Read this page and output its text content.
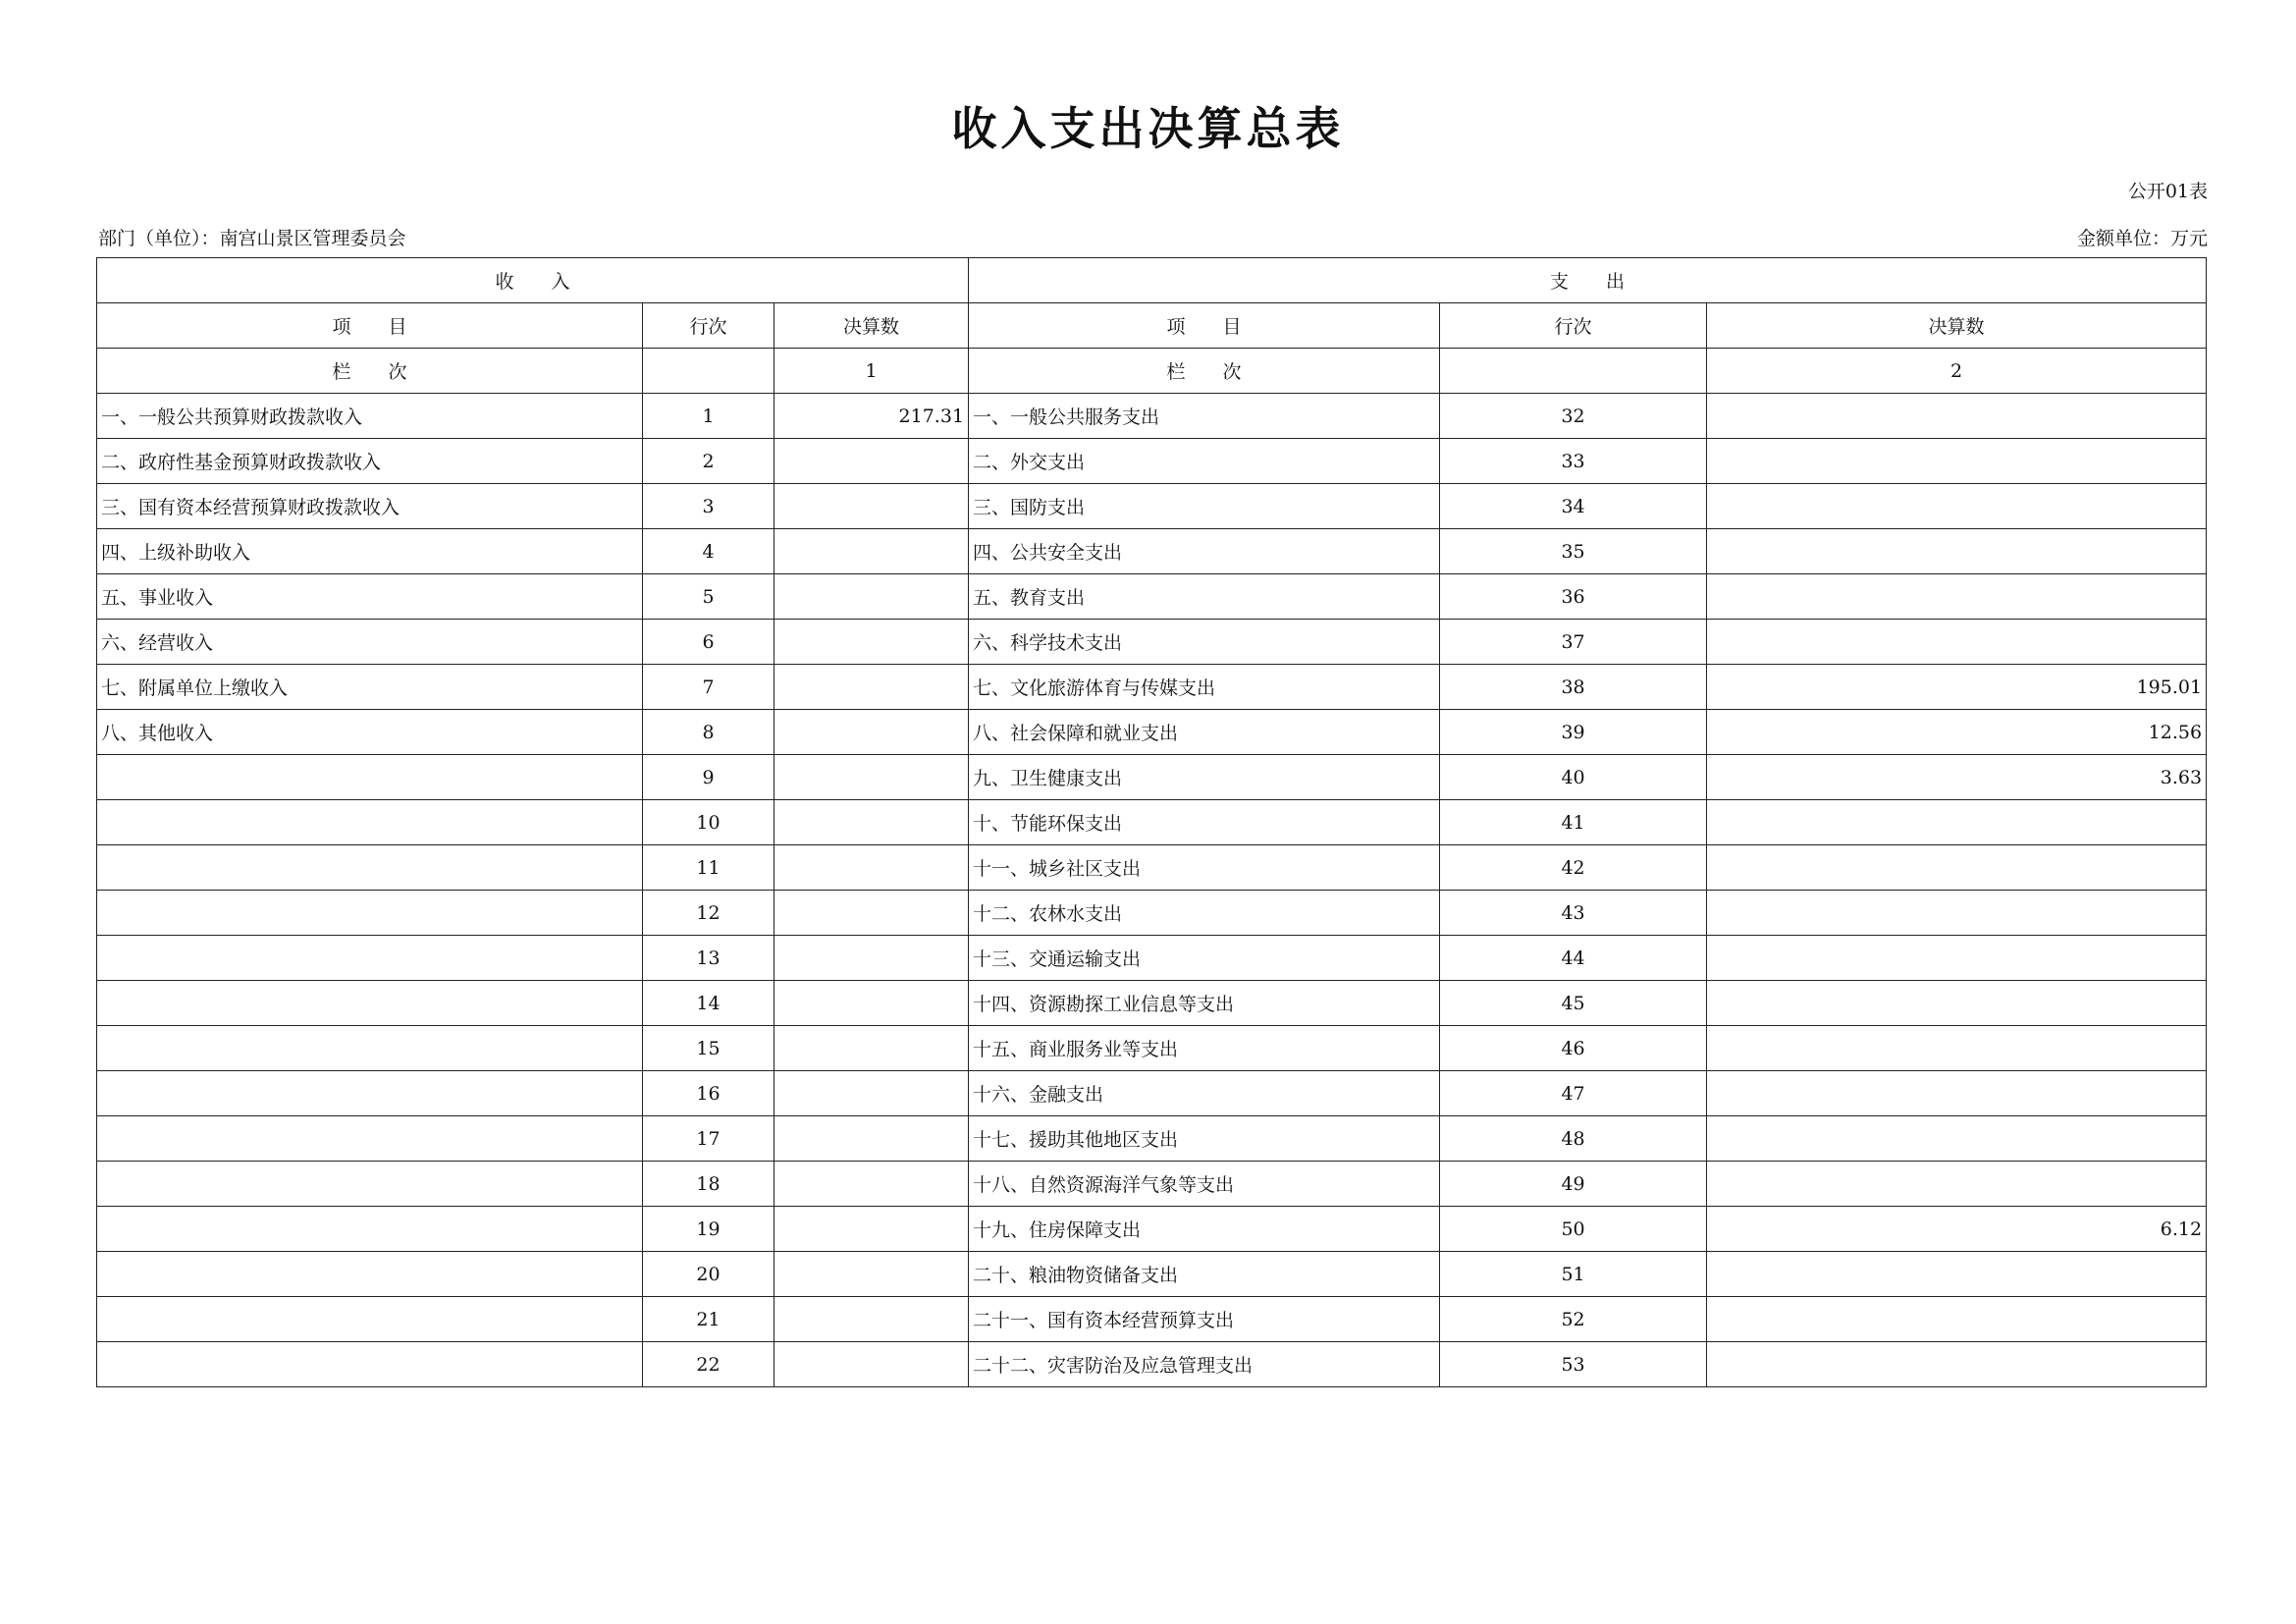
收入支出决算总表
公开01表
部门（单位）：南宫山景区管理委员会	金额单位：万元
收　　入			支　　出		
项　　目	行次	决算数	项　　目	行次	决算数
栏　　次		1	栏　　次		2
一、一般公共预算财政拨款收入	1	217.31	一、一般公共服务支出	32	
二、政府性基金预算财政拨款收入	2		二、外交支出	33	
三、国有资本经营预算财政拨款收入	3		三、国防支出	34	
四、上级补助收入	4		四、公共安全支出	35	
五、事业收入	5		五、教育支出	36	
六、经营收入	6		六、科学技术支出	37	
七、附属单位上缴收入	7		七、文化旅游体育与传媒支出	38	195.01
八、其他收入	8		八、社会保障和就业支出	39	12.56
	9		九、卫生健康支出	40	3.63
	10		十、节能环保支出	41	
	11		十一、城乡社区支出	42	
	12		十二、农林水支出	43	
	13		十三、交通运输支出	44	
	14		十四、资源勘探工业信息等支出	45	
	15		十五、商业服务业等支出	46	
	16		十六、金融支出	47	
	17		十七、援助其他地区支出	48	
	18		十八、自然资源海洋气象等支出	49	
	19		十九、住房保障支出	50	6.12
	20		二十、粮油物资储备支出	51	
	21		二十一、国有资本经营预算支出	52	
	22		二十二、灾害防治及应急管理支出	53	
